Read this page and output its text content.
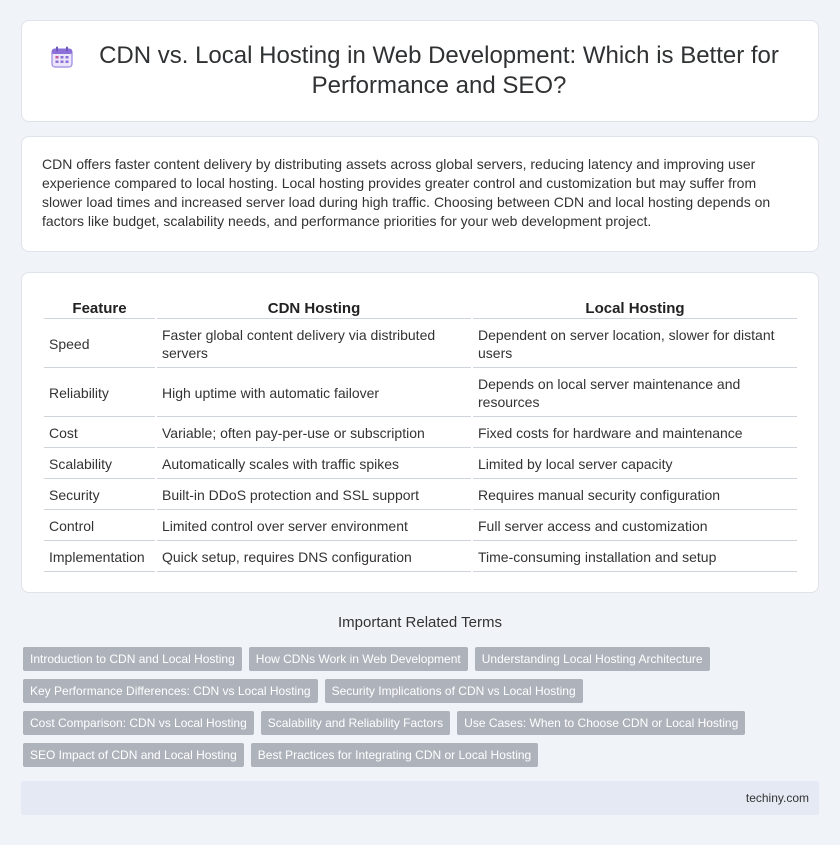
CDN vs. Local Hosting in Web Development: Which is Better for Performance and SEO?

CDN offers faster content delivery by distributing assets across global servers, reducing latency and improving user experience compared to local hosting. Local hosting provides greater control and customization but may suffer from slower load times and increased server load during high traffic. Choosing between CDN and local hosting depends on factors like budget, scalability needs, and performance priorities for your web development project.

Feature	CDN Hosting	Local Hosting
Speed	Faster global content delivery via distributed servers	Dependent on server location, slower for distant users
Reliability	High uptime with automatic failover	Depends on local server maintenance and resources
Cost	Variable; often pay-per-use or subscription	Fixed costs for hardware and maintenance
Scalability	Automatically scales with traffic spikes	Limited by local server capacity
Security	Built-in DDoS protection and SSL support	Requires manual security configuration
Control	Limited control over server environment	Full server access and customization
Implementation	Quick setup, requires DNS configuration	Time-consuming installation and setup
Important Related Terms
Introduction to CDN and Local Hosting	How CDNs Work in Web Development	Understanding Local Hosting Architecture
Key Performance Differences: CDN vs Local Hosting	Security Implications of CDN vs Local Hosting
Cost Comparison: CDN vs Local Hosting	Scalability and Reliability Factors	Use Cases: When to Choose CDN or Local Hosting
SEO Impact of CDN and Local Hosting	Best Practices for Integrating CDN or Local Hosting
techiny.com
